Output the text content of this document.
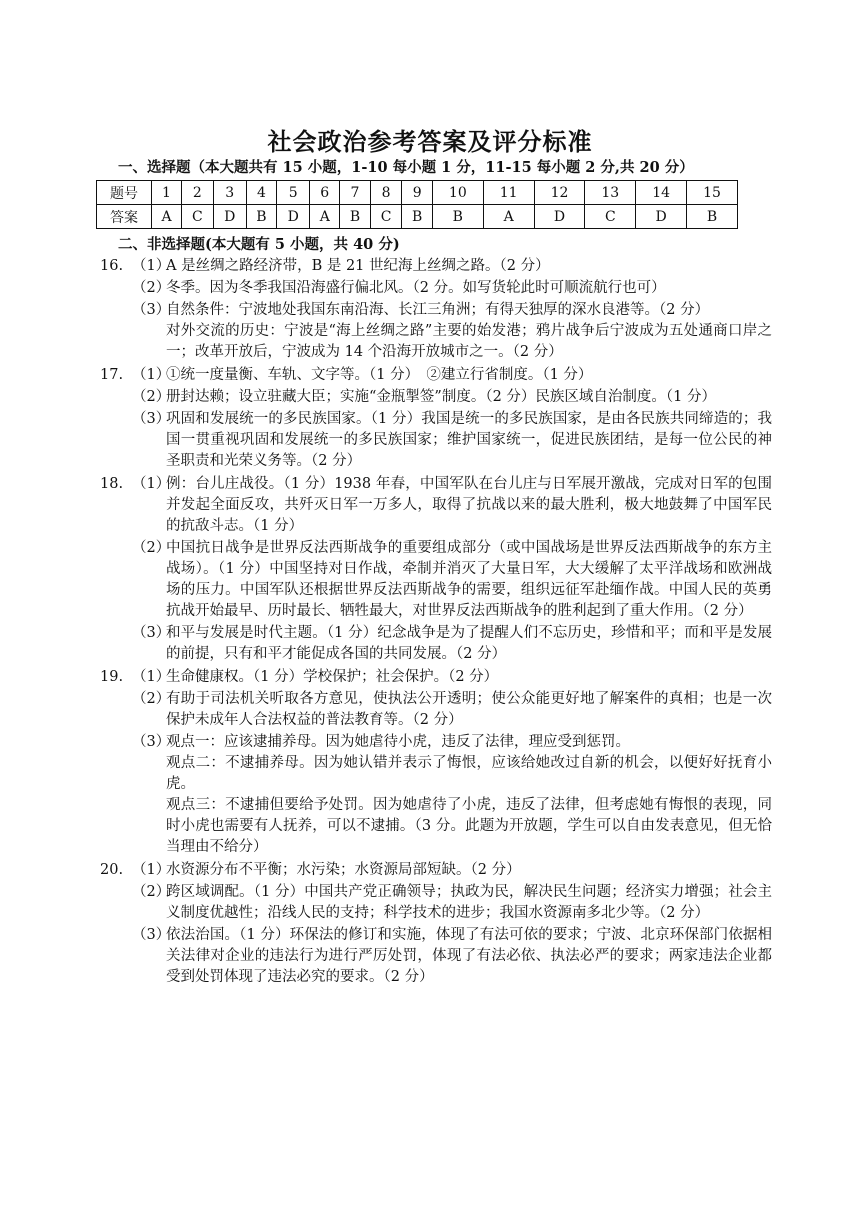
社会政治参考答案及评分标准
一、选择题（本大题共有 15 小题，1-10 每小题 1 分，11-15 每小题 2 分,共 20 分）
题号	1	2	3	4	5	6	7	8	9	10	11	12	13	14	15
答案	A	C	D	B	D	A	B	C	B	B	A	D	C	D	B
二、非选择题(本大题有 5 小题，共 40 分)
16. （1）
A 是丝绸之路经济带，B 是 21 世纪海上丝绸之路。（2 分）
（2）
冬季。因为冬季我国沿海盛行偏北风。（2 分。如写货轮此时可顺流航行也可）
（3）
自然条件：宁波地处我国东南沿海、长江三角洲；有得天独厚的深水良港等。（2 分）
对外交流的历史：宁波是“海上丝绸之路”主要的始发港；鸦片战争后宁波成为五处通商口岸之一；改革开放后，宁波成为 14 个沿海开放城市之一。（2 分）
17. （1）
①统一度量衡、车轨、文字等。（1 分）　②建立行省制度。（1 分）
（2）
册封达赖；设立驻藏大臣；实施“金瓶掣签”制度。（2 分）民族区域自治制度。（1 分）
（3）
巩固和发展统一的多民族国家。（1 分）我国是统一的多民族国家，是由各民族共同缔造的；我国一贯重视巩固和发展统一的多民族国家；维护国家统一，促进民族团结，是每一位公民的神圣职责和光荣义务等。（2 分）
18. （1）
例：台儿庄战役。（1 分）1938 年春，中国军队在台儿庄与日军展开激战，完成对日军的包围并发起全面反攻，共歼灭日军一万多人，取得了抗战以来的最大胜利，极大地鼓舞了中国军民的抗敌斗志。（1 分）
（2）
中国抗日战争是世界反法西斯战争的重要组成部分（或中国战场是世界反法西斯战争的东方主战场）。（1 分）中国坚持对日作战，牵制并消灭了大量日军，大大缓解了太平洋战场和欧洲战场的压力。中国军队还根据世界反法西斯战争的需要，组织远征军赴缅作战。中国人民的英勇抗战开始最早、历时最长、牺牲最大，对世界反法西斯战争的胜利起到了重大作用。（2 分）
（3）
和平与发展是时代主题。（1 分）纪念战争是为了提醒人们不忘历史，珍惜和平；而和平是发展的前提，只有和平才能促成各国的共同发展。（2 分）
19. （1）
生命健康权。（1 分）学校保护；社会保护。（2 分）
（2）
有助于司法机关听取各方意见，使执法公开透明；使公众能更好地了解案件的真相；也是一次保护未成年人合法权益的普法教育等。（2 分）
（3）
观点一：应该逮捕养母。因为她虐待小虎，违反了法律，理应受到惩罚。
观点二：不逮捕养母。因为她认错并表示了悔恨，应该给她改过自新的机会，以便好好抚育小虎。
观点三：不逮捕但要给予处罚。因为她虐待了小虎，违反了法律，但考虑她有悔恨的表现，同时小虎也需要有人抚养，可以不逮捕。（3 分。此题为开放题，学生可以自由发表意见，但无恰当理由不给分）
20. （1）
水资源分布不平衡；水污染；水资源局部短缺。（2 分）
（2）
跨区域调配。（1 分）中国共产党正确领导；执政为民，解决民生问题；经济实力增强；社会主义制度优越性；沿线人民的支持；科学技术的进步；我国水资源南多北少等。（2 分）
（3）
依法治国。（1 分）环保法的修订和实施，体现了有法可依的要求；宁波、北京环保部门依据相关法律对企业的违法行为进行严厉处罚，体现了有法必依、执法必严的要求；两家违法企业都受到处罚体现了违法必究的要求。（2 分）
